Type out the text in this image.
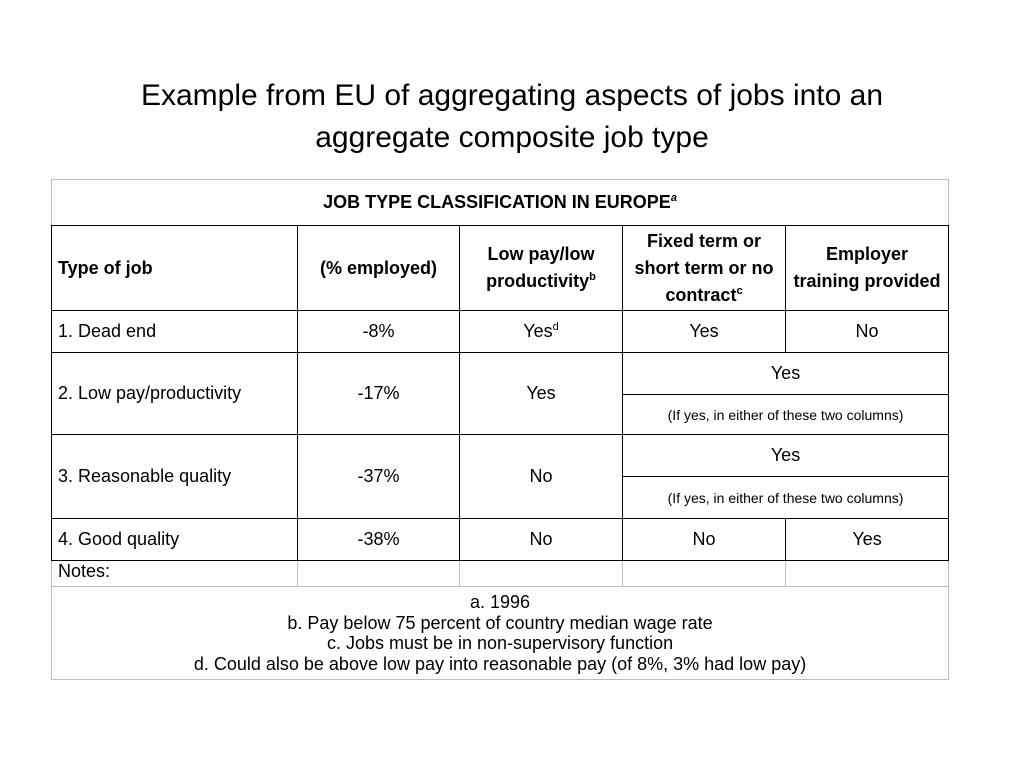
Example from EU of aggregating aspects of jobs into an
aggregate composite job type
JOB TYPE CLASSIFICATION IN EUROPE$^a$
Type of job	(% employed)	Low pay/low productivity$^b$	Fixed term or short term or no contract$^c$	Employer training provided
1. Dead end	-8%	Yes$^d$	Yes	No
2. Low pay/productivity	-17%	Yes	Yes	
			(If yes, in either of these two columns)	
3. Reasonable quality	-37%	No	Yes	
			(If yes, in either of these two columns)	
4. Good quality	-38%	No	No	Yes
Notes:				

a. 1996
b. Pay below 75 percent of country median wage rate
c. Jobs must be in non-supervisory function
d. Could also be above low pay into reasonable pay (of 8%, 3% had low pay)				
